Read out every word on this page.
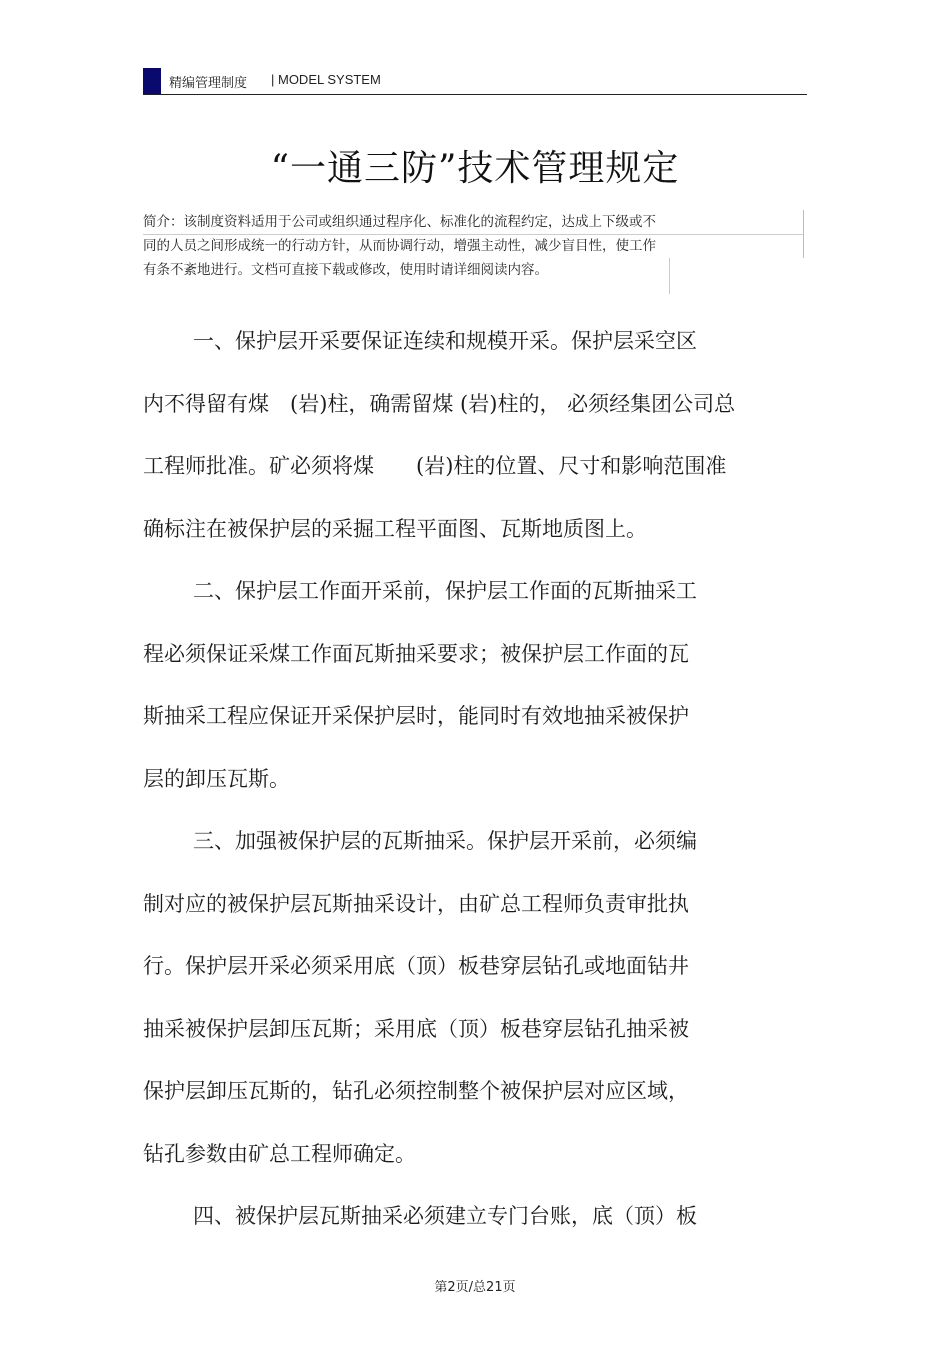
精编管理制度 | MODEL SYSTEM
“一通三防”技术管理规定
简介：该制度资料适用于公司或组织通过程序化、标准化的流程约定，达成上下级或不
同的人员之间形成统一的行动方针，从而协调行动，增强主动性，减少盲目性，使工作
有条不紊地进行。文档可直接下载或修改，使用时请详细阅读内容。
一、保护层开采要保证连续和规模开采。保护层采空区
内不得留有煤　(岩)柱，确需留煤 (岩)柱的， 必须经集团公司总
工程师批准。矿必须将煤　　(岩)柱的位置、尺寸和影响范围准
确标注在被保护层的采掘工程平面图、瓦斯地质图上。
二、保护层工作面开采前，保护层工作面的瓦斯抽采工
程必须保证采煤工作面瓦斯抽采要求；被保护层工作面的瓦
斯抽采工程应保证开采保护层时，能同时有效地抽采被保护
层的卸压瓦斯。
三、加强被保护层的瓦斯抽采。保护层开采前，必须编
制对应的被保护层瓦斯抽采设计，由矿总工程师负责审批执
行。保护层开采必须采用底（顶）板巷穿层钻孔或地面钻井
抽采被保护层卸压瓦斯；采用底（顶）板巷穿层钻孔抽采被
保护层卸压瓦斯的，钻孔必须控制整个被保护层对应区域，
钻孔参数由矿总工程师确定。
四、被保护层瓦斯抽采必须建立专门台账，底（顶）板
第2页/总21页
